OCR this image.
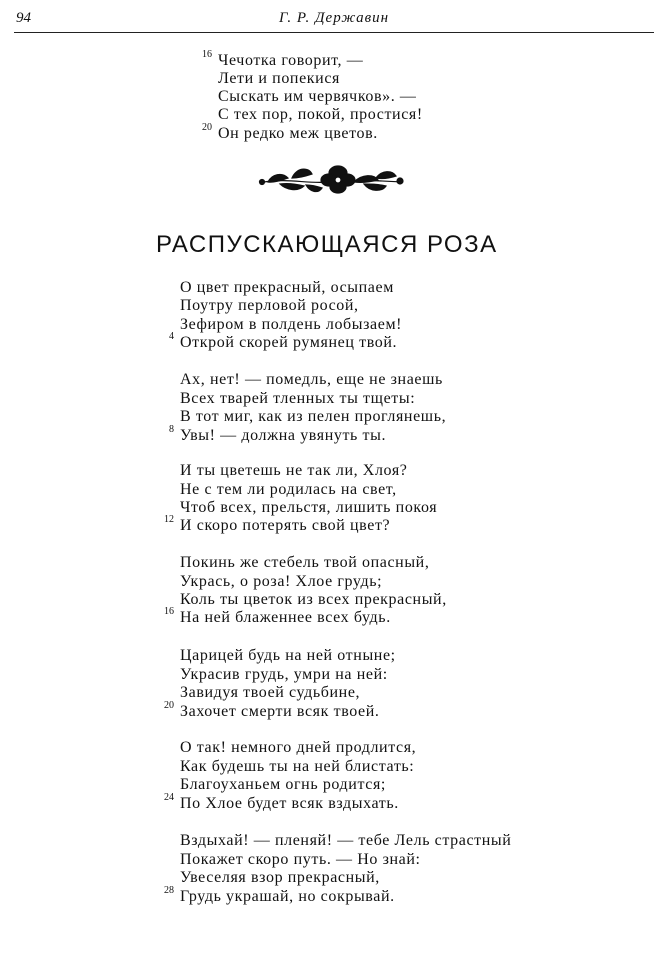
94	Г. Р. Державин
16 Чечотка говорит, —
Лети и попекися
Сыскать им червячков». —
С тех пор, покой, простися!
20 Он редко меж цветов.
РАСПУСКАЮЩАЯСЯ РОЗА
О цвет прекрасный, осыпаем
Поутру перловой росой,
Зефиром в полдень лобызаем!
4 Открой скорей румянец твой.
Ах, нет! — помедль, еще не знаешь
Всех тварей тленных ты тщеты:
В тот миг, как из пелен проглянешь,
8 Увы! — должна увянуть ты.
И ты цветешь не так ли, Хлоя?
Не с тем ли родилась на свет,
Чтоб всех, прельстя, лишить покоя
12 И скоро потерять свой цвет?
Покинь же стебель твой опасный,
Укрась, о роза! Хлое грудь;
Коль ты цветок из всех прекрасный,
16 На ней блаженнее всех будь.
Царицей будь на ней отныне;
Украсив грудь, умри на ней:
Завидуя твоей судьбине,
20 Захочет смерти всяк твоей.
О так! немного дней продлится,
Как будешь ты на ней блистать:
Благоуханьем огнь родится;
24 По Хлое будет всяк вздыхать.
Вздыхай! — пленяй! — тебе Лель страстный
Покажет скоро путь. — Но знай:
Увеселяя взор прекрасный,
28 Грудь украшай, но сокрывай.
